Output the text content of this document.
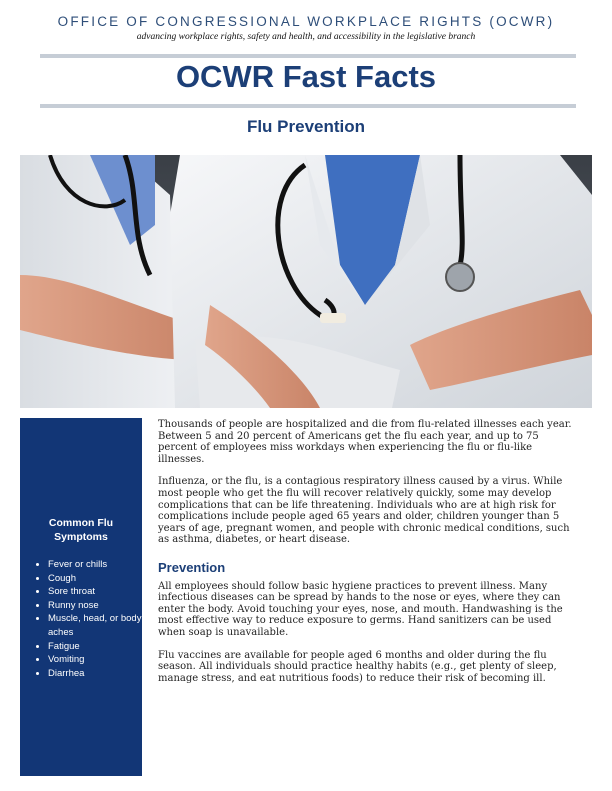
OFFICE OF CONGRESSIONAL WORKPLACE RIGHTS (OCWR)
advancing workplace rights, safety and health, and accessibility in the legislative branch
OCWR Fast Facts
Flu Prevention
Common Flu
Symptoms
• Fever or chills
• Cough
• Sore throat
• Runny nose
• Muscle, head, or body aches
• Fatigue
• Vomiting
• Diarrhea

Thousands of people are hospitalized and die from flu-related illnesses each year. Between 5 and 20 percent of Americans get the flu each year, and up to 75 percent of employees miss workdays when experiencing the flu or flu-like illnesses.

Influenza, or the flu, is a contagious respiratory illness caused by a virus. While most people who get the flu will recover relatively quickly, some may develop complications that can be life threatening. Individuals who are at high risk for complications include people aged 65 years and older, children younger than 5 years of age, pregnant women, and people with chronic medical conditions, such as asthma, diabetes, or heart disease.

Prevention

All employees should follow basic hygiene practices to prevent illness. Many infectious diseases can be spread by hands to the nose or eyes, where they can enter the body. Avoid touching your eyes, nose, and mouth. Handwashing is the most effective way to reduce exposure to germs. Hand sanitizers can be used when soap is unavailable.

Flu vaccines are available for people aged 6 months and older during the flu season. All individuals should practice healthy habits (e.g., get plenty of sleep, manage stress, and eat nutritious foods) to reduce their risk of becoming ill.
